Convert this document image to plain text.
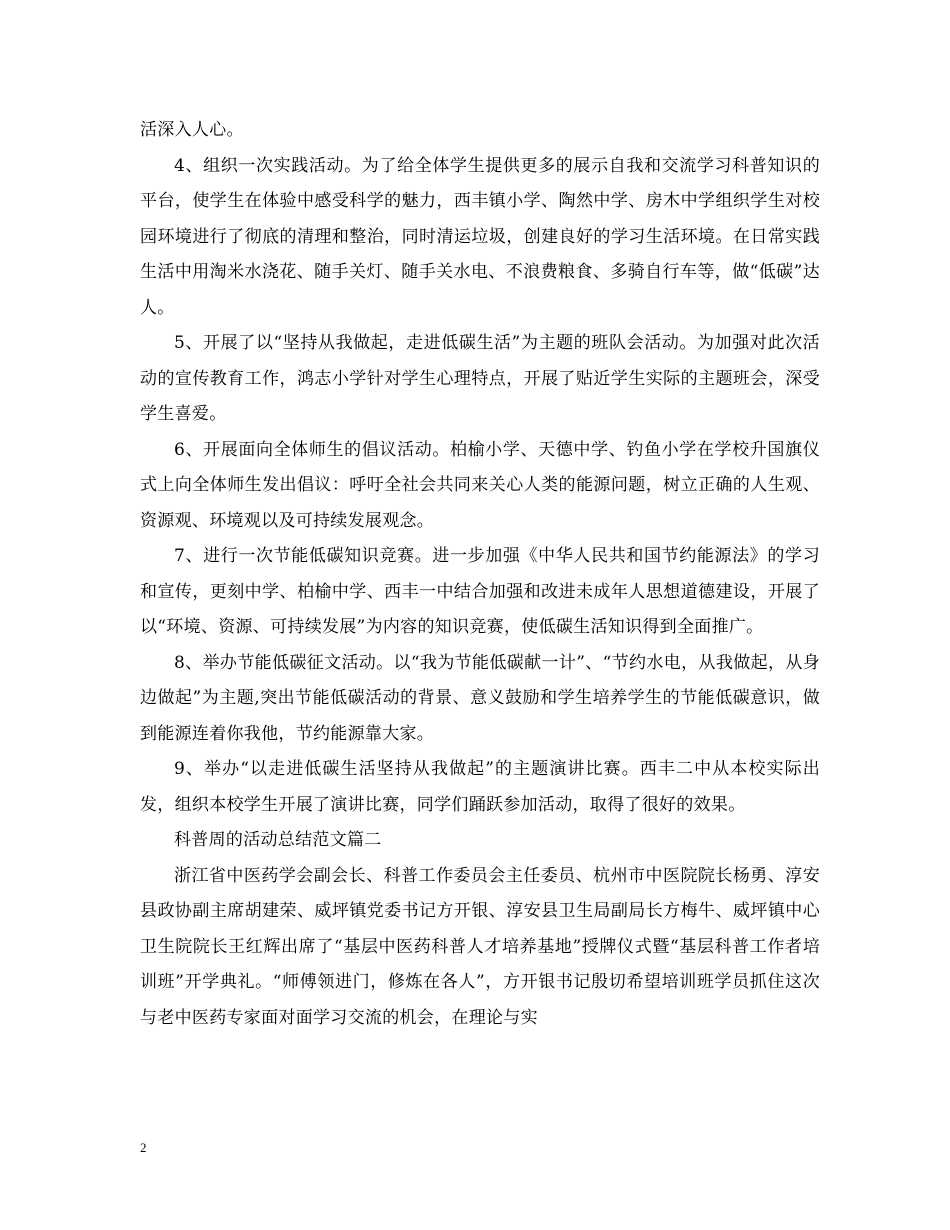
活深入人心。

4、组织一次实践活动。为了给全体学生提供更多的展示自我和交流学习科普知识的平台，使学生在体验中感受科学的魅力，西丰镇小学、陶然中学、房木中学组织学生对校园环境进行了彻底的清理和整治，同时清运垃圾，创建良好的学习生活环境。在日常实践生活中用淘米水浇花、随手关灯、随手关水电、不浪费粮食、多骑自行车等，做“低碳”达人。

5、开展了以“坚持从我做起，走进低碳生活”为主题的班队会活动。为加强对此次活动的宣传教育工作，鸿志小学针对学生心理特点，开展了贴近学生实际的主题班会，深受学生喜爱。

6、开展面向全体师生的倡议活动。柏榆小学、天德中学、钓鱼小学在学校升国旗仪式上向全体师生发出倡议：呼吁全社会共同来关心人类的能源问题，树立正确的人生观、资源观、环境观以及可持续发展观念。

7、进行一次节能低碳知识竞赛。进一步加强《中华人民共和国节约能源法》的学习和宣传，更刻中学、柏榆中学、西丰一中结合加强和改进未成年人思想道德建设，开展了以“环境、资源、可持续发展”为内容的知识竞赛，使低碳生活知识得到全面推广。

8、举办节能低碳征文活动。以“我为节能低碳献一计”、“节约水电，从我做起，从身边做起”为主题,突出节能低碳活动的背景、意义鼓励和学生培养学生的节能低碳意识，做到能源连着你我他，节约能源靠大家。

9、举办“以走进低碳生活坚持从我做起”的主题演讲比赛。西丰二中从本校实际出发，组织本校学生开展了演讲比赛，同学们踊跃参加活动，取得了很好的效果。

科普周的活动总结范文篇二

浙江省中医药学会副会长、科普工作委员会主任委员、杭州市中医院院长杨勇、淳安县政协副主席胡建荣、威坪镇党委书记方开银、淳安县卫生局副局长方梅牛、威坪镇中心卫生院院长王红辉出席了“基层中医药科普人才培养基地”授牌仪式暨“基层科普工作者培训班”开学典礼。“师傅领进门，修炼在各人”，方开银书记殷切希望培训班学员抓住这次与老中医药专家面对面学习交流的机会，在理论与实

2
